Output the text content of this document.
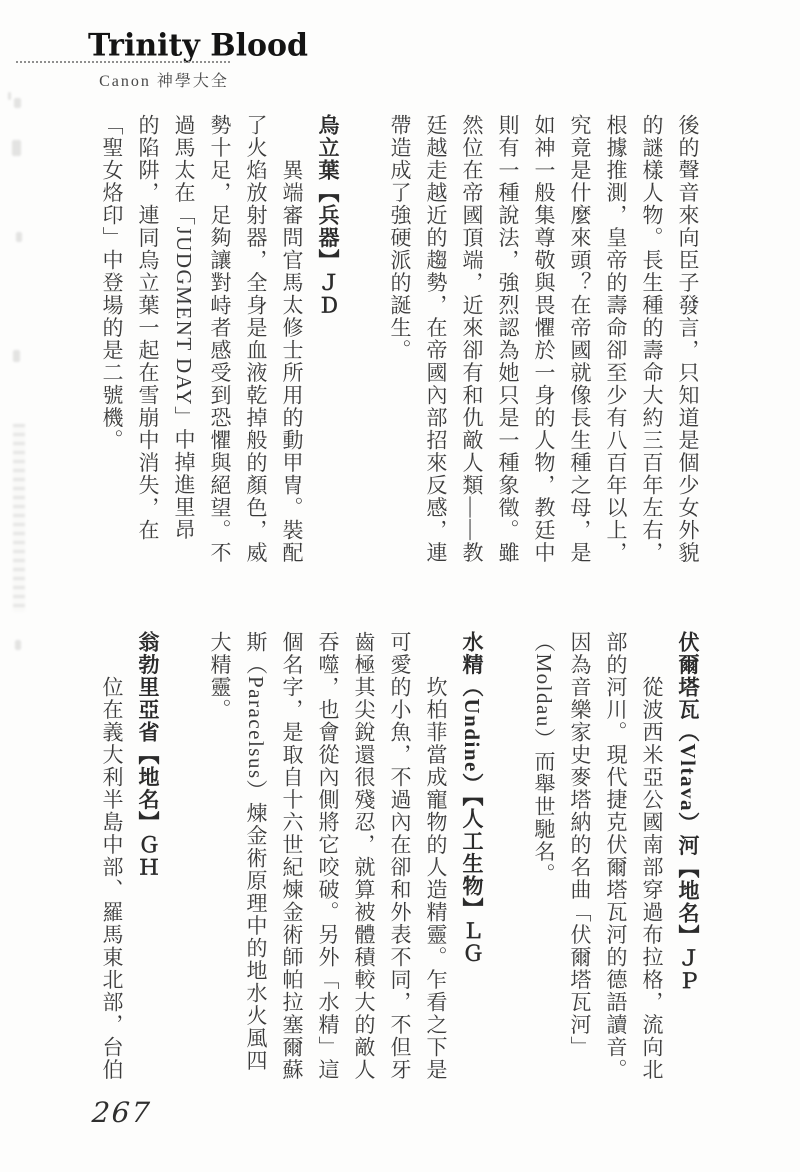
Trinity Blood
Canon 神學大全
後的聲音來向臣子發言，只知道是個少女外貌
的謎樣人物。長生種的壽命大約三百年左右，
根據推測，皇帝的壽命卻至少有八百年以上，
究竟是什麼來頭？在帝國就像長生種之母，是
如神一般集尊敬與畏懼於一身的人物，教廷中
則有一種說法，強烈認為她只是一種象徵。雖
然位在帝國頂端，近來卻有和仇敵人類——教
廷越走越近的趨勢，在帝國內部招來反感，連
帶造成了強硬派的誕生。
烏立葉【兵器】ＪＤ
異端審問官馬太修士所用的動甲冑。裝配
了火焰放射器，全身是血液乾掉般的顏色，威
勢十足，足夠讓對峙者感受到恐懼與絕望。不
過馬太在「JUDGMENT DAY」中掉進里昂
的陷阱，連同烏立葉一起在雪崩中消失，在
「聖女烙印」中登場的是二號機。
伏爾塔瓦（Vltava）河【地名】ＪＰ
從波西米亞公國南部穿過布拉格，流向北
部的河川。現代捷克伏爾塔瓦河的德語讀音。
因為音樂家史麥塔納的名曲「伏爾塔瓦河」
（Moldau）而舉世馳名。
水精（Undine）【人工生物】ＬＧ
坎柏菲當成寵物的人造精靈。乍看之下是
可愛的小魚，不過內在卻和外表不同，不但牙
齒極其尖銳還很殘忍，就算被體積較大的敵人
吞噬，也會從內側將它咬破。另外「水精」這
個名字，是取自十六世紀煉金術師帕拉塞爾蘇
斯（Paracelsus）煉金術原理中的地水火風四
大精靈。
翁勃里亞省【地名】ＧＨ
位在義大利半島中部、羅馬東北部，台伯
267
